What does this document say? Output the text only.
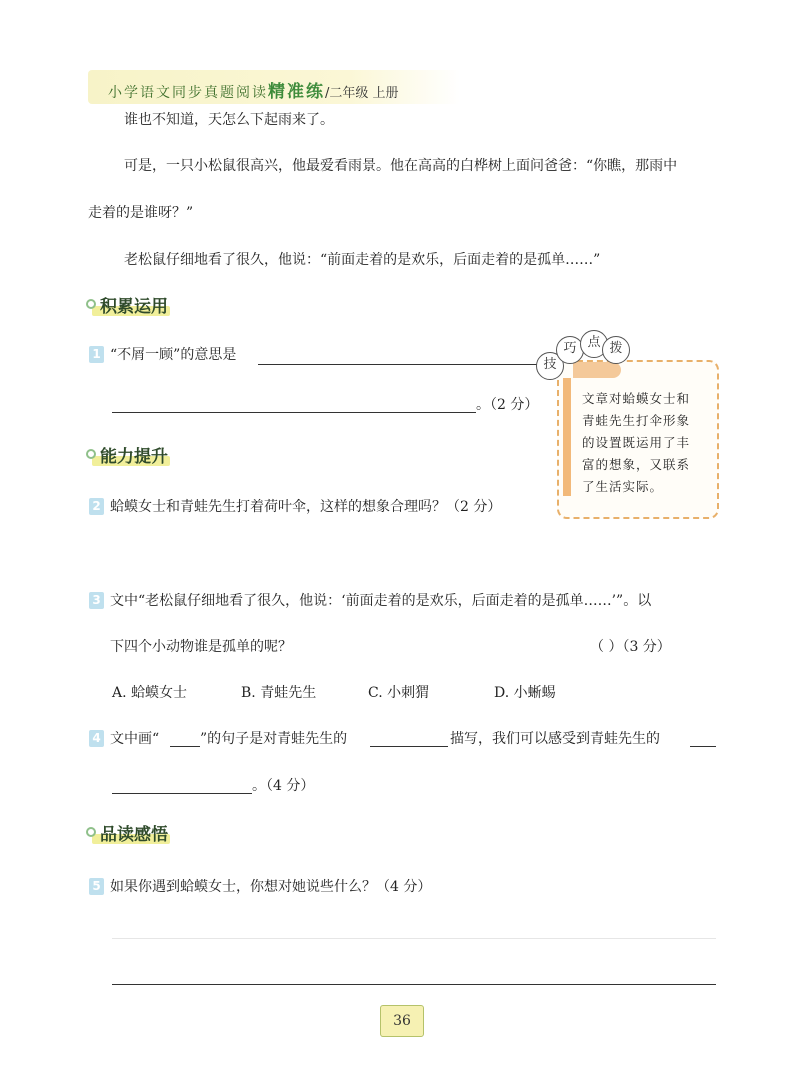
小学语文同步真题阅读精准练/二年级 上册
谁也不知道，天怎么下起雨来了。
可是，一只小松鼠很高兴，他最爱看雨景。他在高高的白桦树上面问爸爸：“你瞧，那雨中
走着的是谁呀？”
老松鼠仔细地看了很久，他说：“前面走着的是欢乐，后面走着的是孤单……”
积累运用
1 “不屑一顾”的意思是
。（2 分）
技
巧 点 拨
文章对蛤蟆女士和青蛙先生打伞形象的设置既运用了丰富的想象，又联系了生活实际。
能力提升
2 蛤蟆女士和青蛙先生打着荷叶伞，这样的想象合理吗？（2 分）
3 文中“老松鼠仔细地看了很久，他说：‘前面走着的是欢乐，后面走着的是孤单……’”。以
下四个小动物谁是孤单的呢？	（ ）（3 分）
A. 蛤蟆女士	B. 青蛙先生	C. 小刺猬	D. 小蜥蜴
4 文中画“	”的句子是对青蛙先生的	描写，我们可以感受到青蛙先生的
。（4 分）
品读感悟
5 如果你遇到蛤蟆女士，你想对她说些什么？（4 分）
36
